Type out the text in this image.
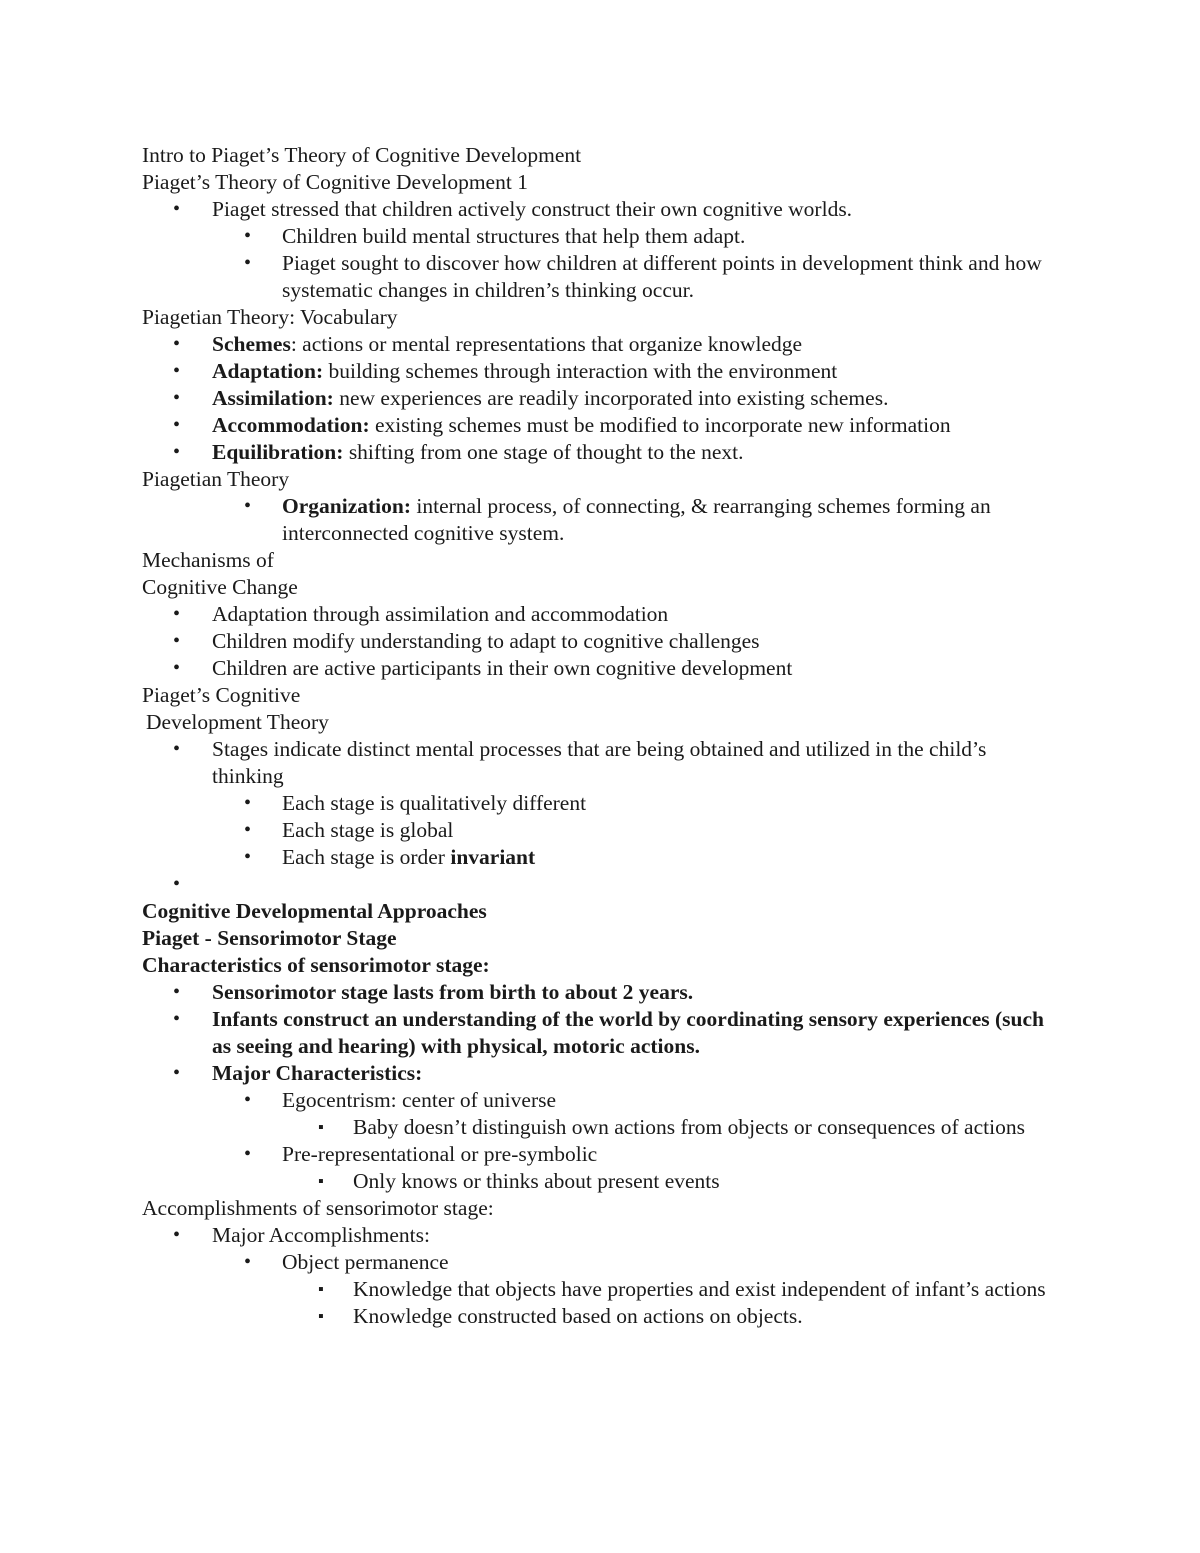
Intro to Piaget’s Theory of Cognitive Development
Piaget’s Theory of Cognitive Development 1
• Piaget stressed that children actively construct their own cognitive worlds.
• Children build mental structures that help them adapt.
• Piaget sought to discover how children at different points in development think and how systematic changes in children’s thinking occur.
Piagetian Theory: Vocabulary
• Schemes: actions or mental representations that organize knowledge
• Adaptation: building schemes through interaction with the environment
• Assimilation: new experiences are readily incorporated into existing schemes.
• Accommodation: existing schemes must be modified to incorporate new information
• Equilibration: shifting from one stage of thought to the next.
Piagetian Theory
• Organization: internal process, of connecting, & rearranging schemes forming an interconnected cognitive system.
Mechanisms of
Cognitive Change
• Adaptation through assimilation and accommodation
• Children modify understanding to adapt to cognitive challenges
• Children are active participants in their own cognitive development
Piaget’s Cognitive
Development Theory
• Stages indicate distinct mental processes that are being obtained and utilized in the child’s thinking
• Each stage is qualitatively different
• Each stage is global
• Each stage is order invariant
•

Cognitive Developmental Approaches
Piaget - Sensorimotor Stage
Characteristics of sensorimotor stage:
• Sensorimotor stage lasts from birth to about 2 years.
• Infants construct an understanding of the world by coordinating sensory experiences (such as seeing and hearing) with physical, motoric actions.
• Major Characteristics:
• Egocentrism: center of universe
▪ Baby doesn’t distinguish own actions from objects or consequences of actions
• Pre-representational or pre-symbolic
▪ Only knows or thinks about present events
Accomplishments of sensorimotor stage:
• Major Accomplishments:
• Object permanence
▪ Knowledge that objects have properties and exist independent of infant’s actions
▪ Knowledge constructed based on actions on objects.
